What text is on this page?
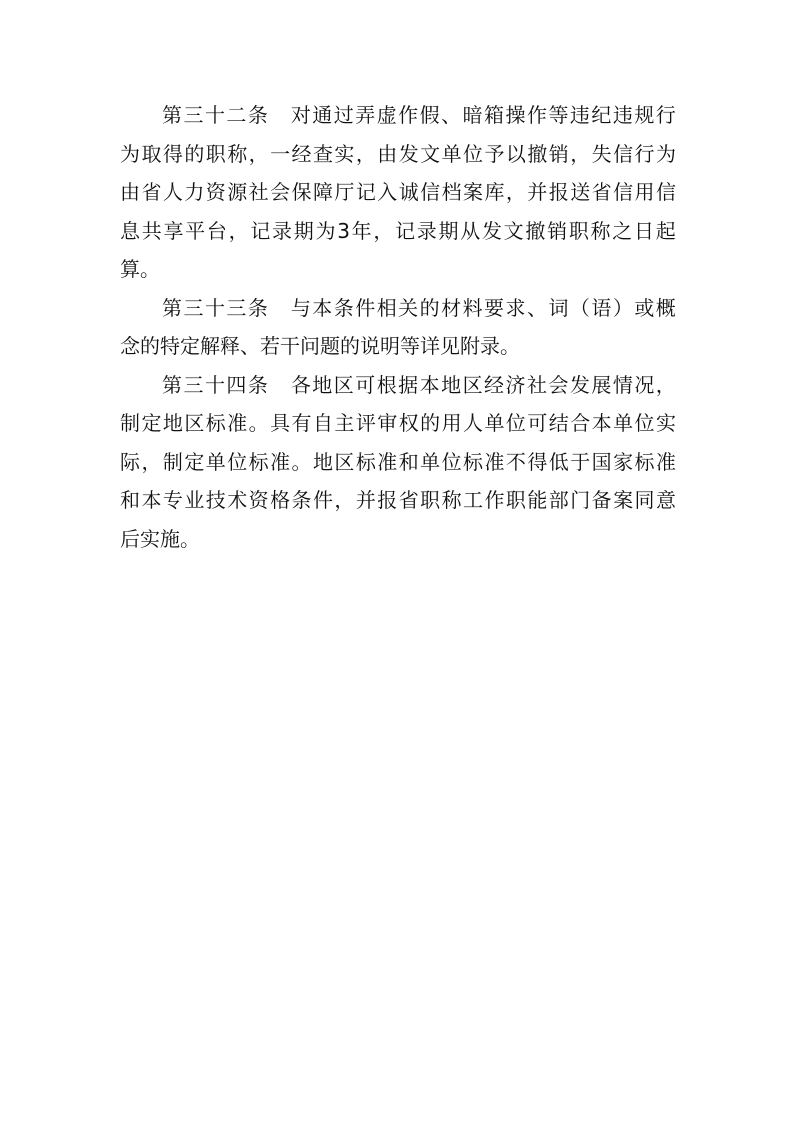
第 三 十 二 条
　 对 通 过 弄 虚 作 假 、 暗 箱 操 作 等 违 纪 违 规 行
为 取 得 的 职 称 ， 一 经 查 实 ， 由 发 文 单 位 予 以 撤 销 ， 失 信 行 为
由 省 人 力 资 源 社 会 保 障 厅 记 入 诚 信 档 案 库 ， 并 报 送 省 信 用 信
息 共 享 平 台 ， 记 录 期 为 3 年 ， 记 录 期 从 发 文 撤 销 职 称 之 日 起
算。
第 三 十 三 条
　 与 本 条 件 相 关 的 材 料 要 求 、 词 （ 语 ） 或 概
念的特定解释、若干问题的说明等详见附录。
第 三 十 四 条
　 各 地 区 可 根 据 本 地 区 经 济 社 会 发 展 情 况 ，
制 定 地 区 标 准 。 具 有 自 主 评 审 权 的 用 人 单 位 可 结 合 本 单 位 实
际 ， 制 定 单 位 标 准 。 地 区 标 准 和 单 位 标 准 不 得 低 于 国 家 标 准
和 本 专 业 技 术 资 格 条 件 ， 并 报 省 职 称 工 作 职 能 部 门 备 案 同 意
后实施。
